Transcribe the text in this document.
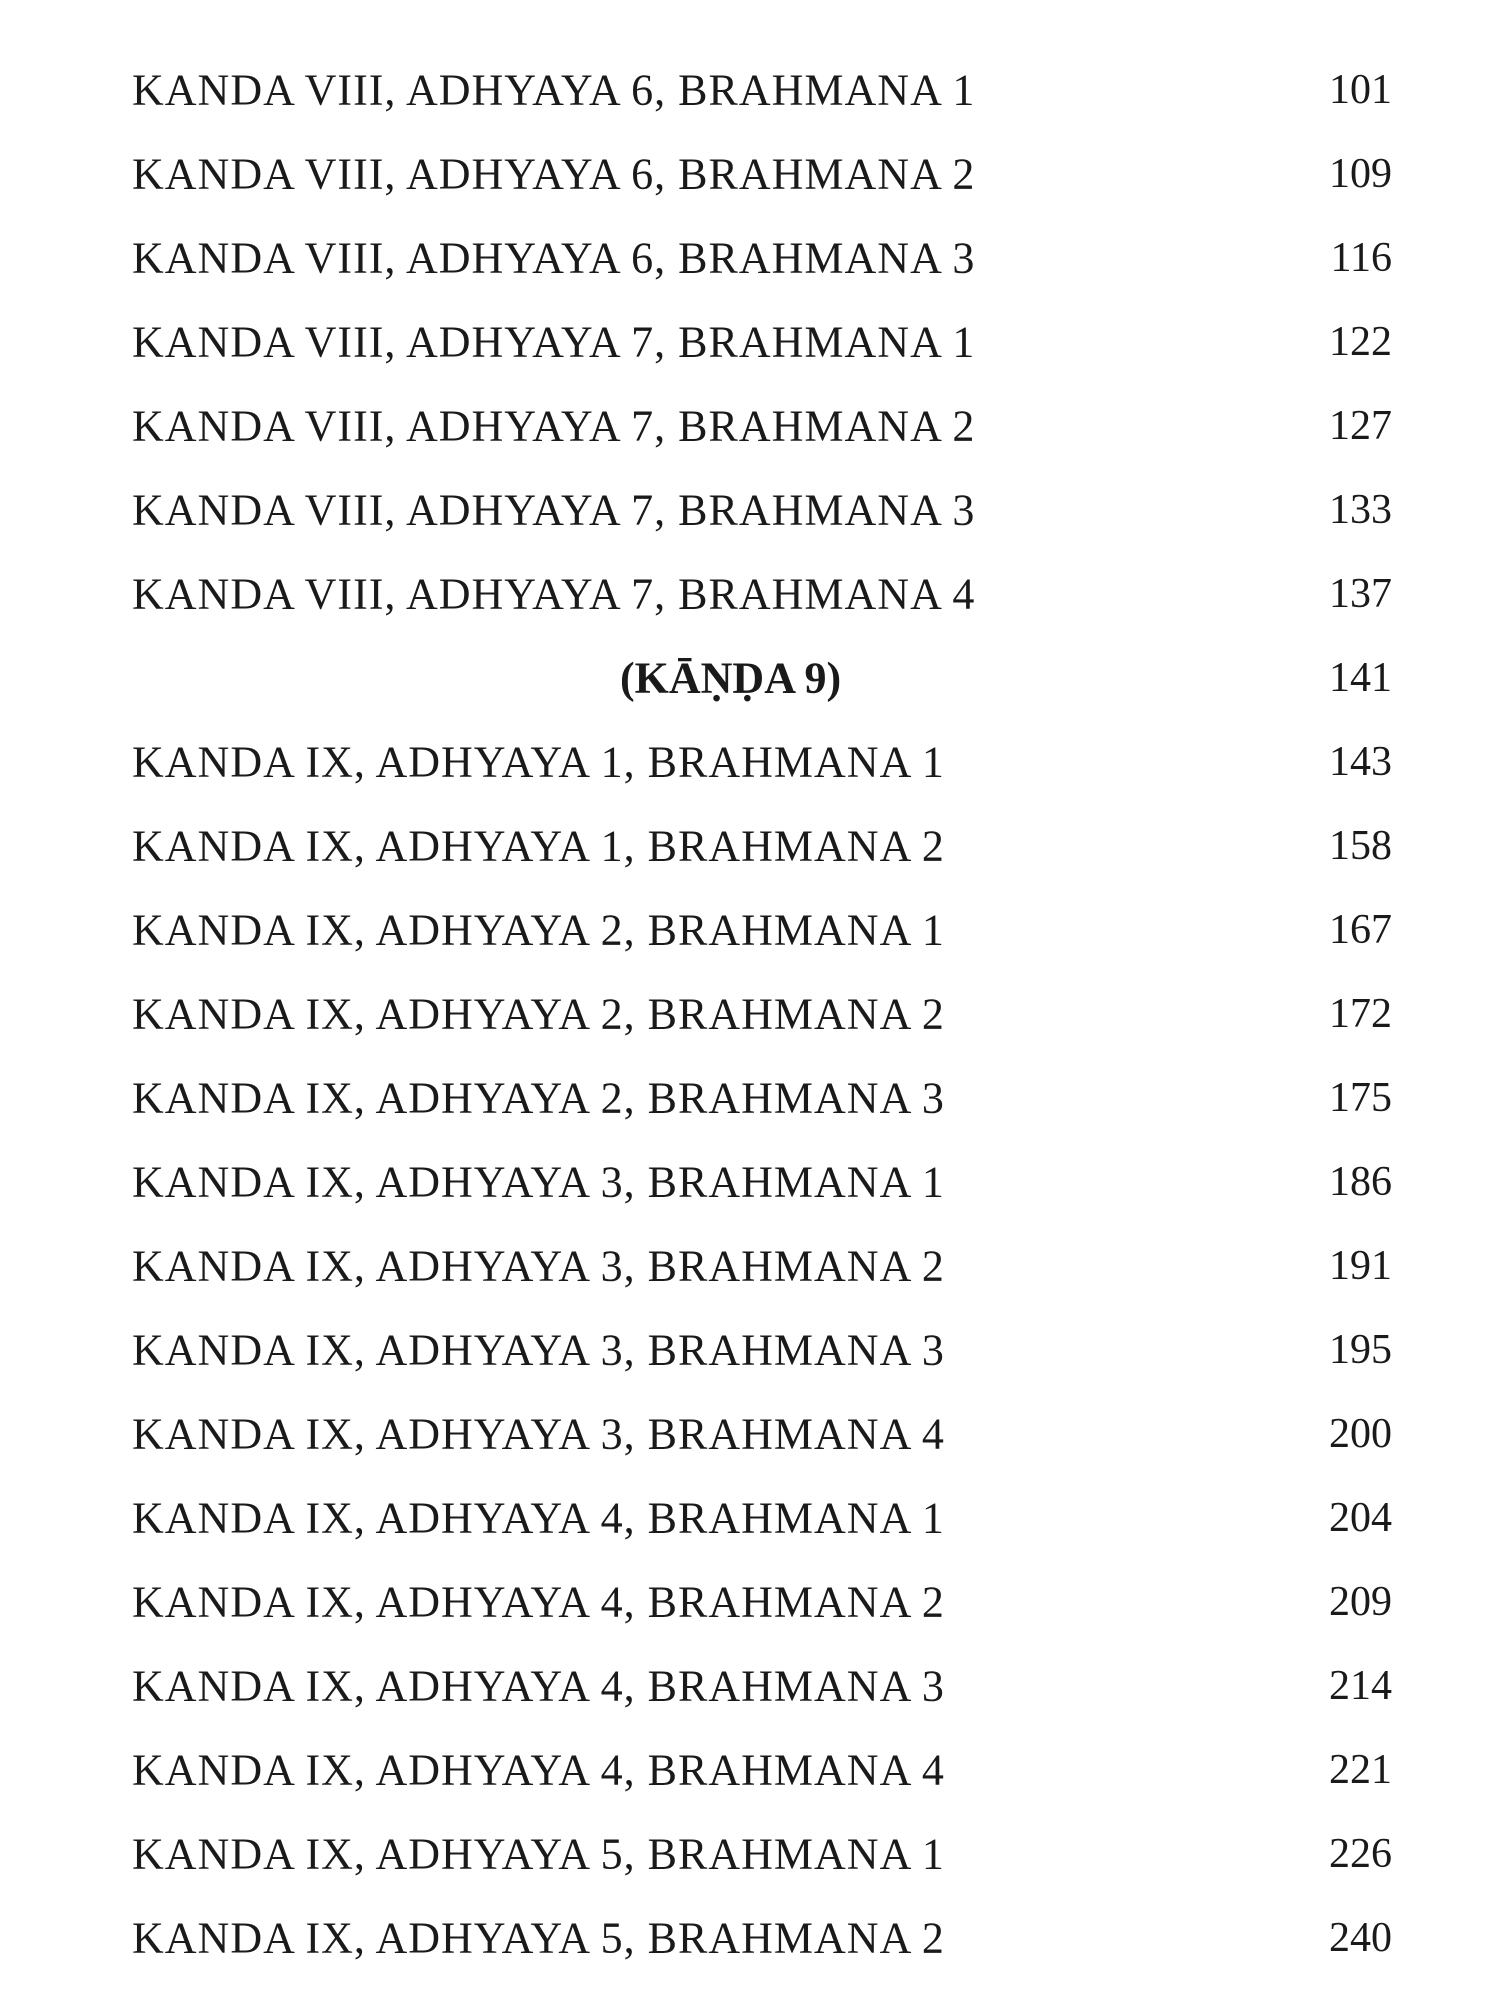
KANDA VIII, ADHYAYA 6, BRAHMANA 1	101
KANDA VIII, ADHYAYA 6, BRAHMANA 2	109
KANDA VIII, ADHYAYA 6, BRAHMANA 3	116
KANDA VIII, ADHYAYA 7, BRAHMANA 1	122
KANDA VIII, ADHYAYA 7, BRAHMANA 2	127
KANDA VIII, ADHYAYA 7, BRAHMANA 3	133
KANDA VIII, ADHYAYA 7, BRAHMANA 4	137
(KĀṆḌA 9)	141
KANDA IX, ADHYAYA 1, BRAHMANA 1	143
KANDA IX, ADHYAYA 1, BRAHMANA 2	158
KANDA IX, ADHYAYA 2, BRAHMANA 1	167
KANDA IX, ADHYAYA 2, BRAHMANA 2	172
KANDA IX, ADHYAYA 2, BRAHMANA 3	175
KANDA IX, ADHYAYA 3, BRAHMANA 1	186
KANDA IX, ADHYAYA 3, BRAHMANA 2	191
KANDA IX, ADHYAYA 3, BRAHMANA 3	195
KANDA IX, ADHYAYA 3, BRAHMANA 4	200
KANDA IX, ADHYAYA 4, BRAHMANA 1	204
KANDA IX, ADHYAYA 4, BRAHMANA 2	209
KANDA IX, ADHYAYA 4, BRAHMANA 3	214
KANDA IX, ADHYAYA 4, BRAHMANA 4	221
KANDA IX, ADHYAYA 5, BRAHMANA 1	226
KANDA IX, ADHYAYA 5, BRAHMANA 2	240
